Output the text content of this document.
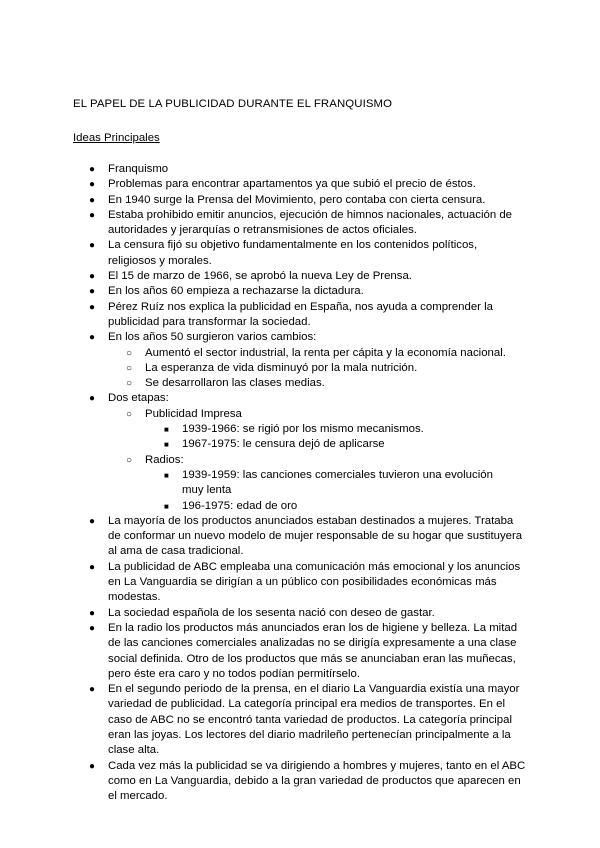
EL PAPEL DE LA PUBLICIDAD DURANTE EL FRANQUISMO
Ideas Principales
● Franquismo
● Problemas para encontrar apartamentos ya que subió el precio de éstos.
● En 1940 surge la Prensa del Movimiento, pero contaba con cierta censura.
● Estaba prohibido emitir anuncios, ejecución de himnos nacionales, actuación de autoridades y jerarquías o retransmisiones de actos oficiales.
● La censura fijó su objetivo fundamentalmente en los contenidos políticos, religiosos y morales.
● El 15 de marzo de 1966, se aprobó la nueva Ley de Prensa.
● En los años 60 empieza a rechazarse la dictadura.
● Pérez Ruíz nos explica la publicidad en España, nos ayuda a comprender la publicidad para transformar la sociedad.
● En los años 50 surgieron varios cambios:
○ Aumentó el sector industrial, la renta per cápita y la economía nacional.
○ La esperanza de vida disminuyó por la mala nutrición.
○ Se desarrollaron las clases medias.
● Dos etapas:
○ Publicidad Impresa
■ 1939-1966: se rigió por los mismo mecanismos.
■ 1967-1975: le censura dejó de aplicarse
○ Radios:
■ 1939-1959: las canciones comerciales tuvieron una evolución muy lenta
■ 196-1975: edad de oro
● La mayoría de los productos anunciados estaban destinados a mujeres. Trataba de conformar un nuevo modelo de mujer responsable de su hogar que sustituyera al ama de casa tradicional.
● La publicidad de ABC empleaba una comunicación más emocional y los anuncios en La Vanguardia se dirigían a un público con posibilidades económicas más modestas.
● La sociedad española de los sesenta nació con deseo de gastar.
● En la radio los productos más anunciados eran los de higiene y belleza. La mitad de las canciones comerciales analizadas no se dirigía expresamente a una clase social definida. Otro de los productos que más se anunciaban eran las muñecas, pero éste era caro y no todos podían permitírselo.
● En el segundo periodo de la prensa, en el diario La Vanguardia existía una mayor variedad de publicidad. La categoría principal era medios de transportes. En el caso de ABC no se encontró tanta variedad de productos. La categoría principal eran las joyas. Los lectores del diario madrileño pertenecían principalmente a la clase alta.
● Cada vez más la publicidad se va dirigiendo a hombres y mujeres, tanto en el ABC como en La Vanguardia, debido a la gran variedad de productos que aparecen en el mercado.
